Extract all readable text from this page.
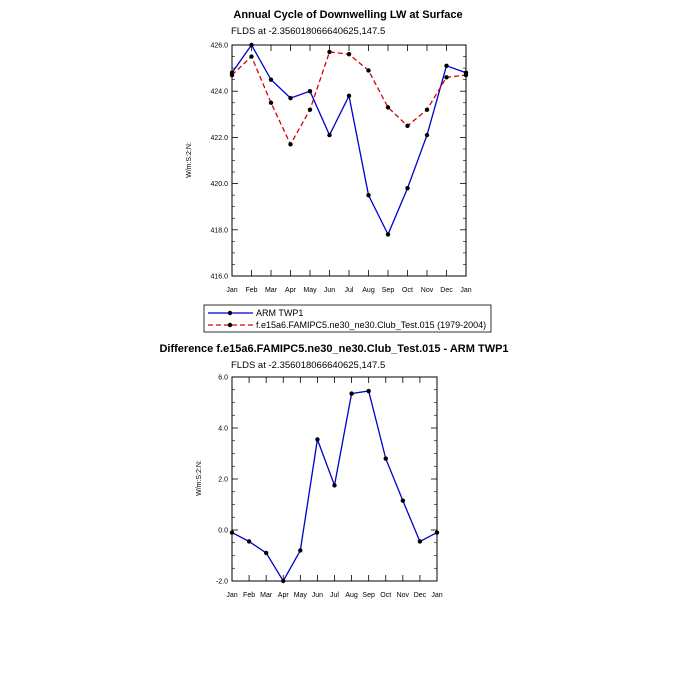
Annual Cycle of Downwelling LW at Surface
FLDS at -2.356018066640625,147.5
W/m:S:2:N:
Jan Feb Mar Apr May Jun Jul Aug Sep Oct Nov Dec Jan
416.0
418.0
420.0
422.0
424.0
426.0
ARM TWP1
f.e15a6.FAMIPC5.ne30_ne30.Club_Test.015 (1979-2004)
Difference f.e15a6.FAMIPC5.ne30_ne30.Club_Test.015 - ARM TWP1
FLDS at -2.356018066640625,147.5
W/m:S:2:N:
Jan Feb Mar Apr May Jun Jul Aug Sep Oct Nov Dec Jan
-2.0
0.0
2.0
4.0
6.0
